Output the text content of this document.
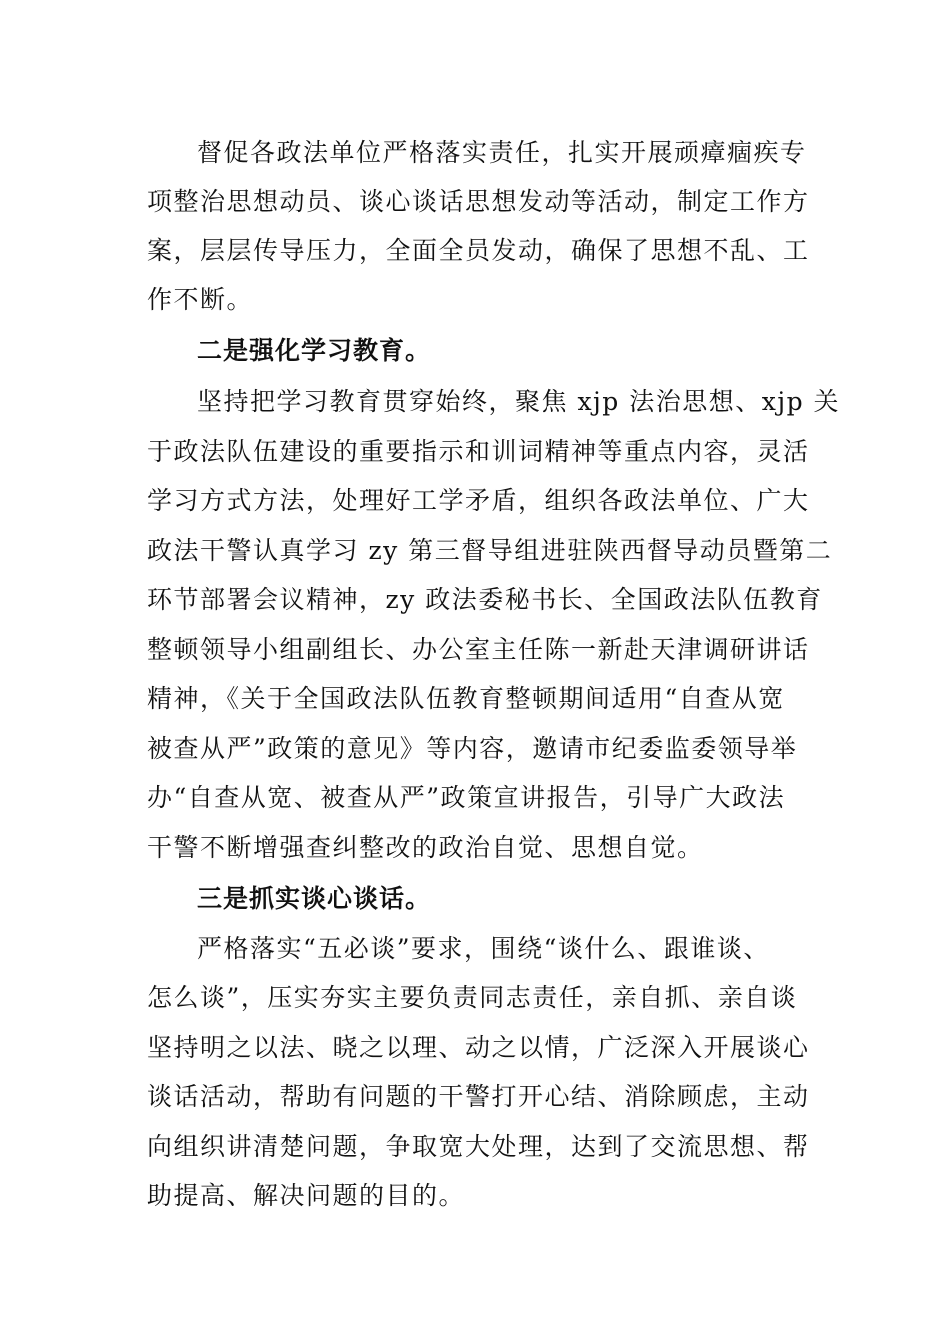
督促各政法单位严格落实责任，扎实开展顽瘴痼疾专
项整治思想动员、谈心谈话思想发动等活动，制定工作方
案，层层传导压力，全面全员发动，确保了思想不乱、工
作不断。
二是强化学习教育。
坚持把学习教育贯穿始终，聚焦 xjp 法治思想、xjp 关
于政法队伍建设的重要指示和训词精神等重点内容，灵活
学习方式方法，处理好工学矛盾，组织各政法单位、广大
政法干警认真学习 zy 第三督导组进驻陕西督导动员暨第二
环节部署会议精神，zy 政法委秘书长、全国政法队伍教育
整顿领导小组副组长、办公室主任陈一新赴天津调研讲话
精神，《关于全国政法队伍教育整顿期间适用“自查从宽
被查从严”政策的意见》等内容，邀请市纪委监委领导举
办“自查从宽、被查从严”政策宣讲报告，引导广大政法
干警不断增强查纠整改的政治自觉、思想自觉。
三是抓实谈心谈话。
严格落实“五必谈”要求，围绕“谈什么、跟谁谈、
怎么谈”，压实夯实主要负责同志责任，亲自抓、亲自谈
坚持明之以法、晓之以理、动之以情，广泛深入开展谈心
谈话活动，帮助有问题的干警打开心结、消除顾虑，主动
向组织讲清楚问题，争取宽大处理，达到了交流思想、帮
助提高、解决问题的目的。
